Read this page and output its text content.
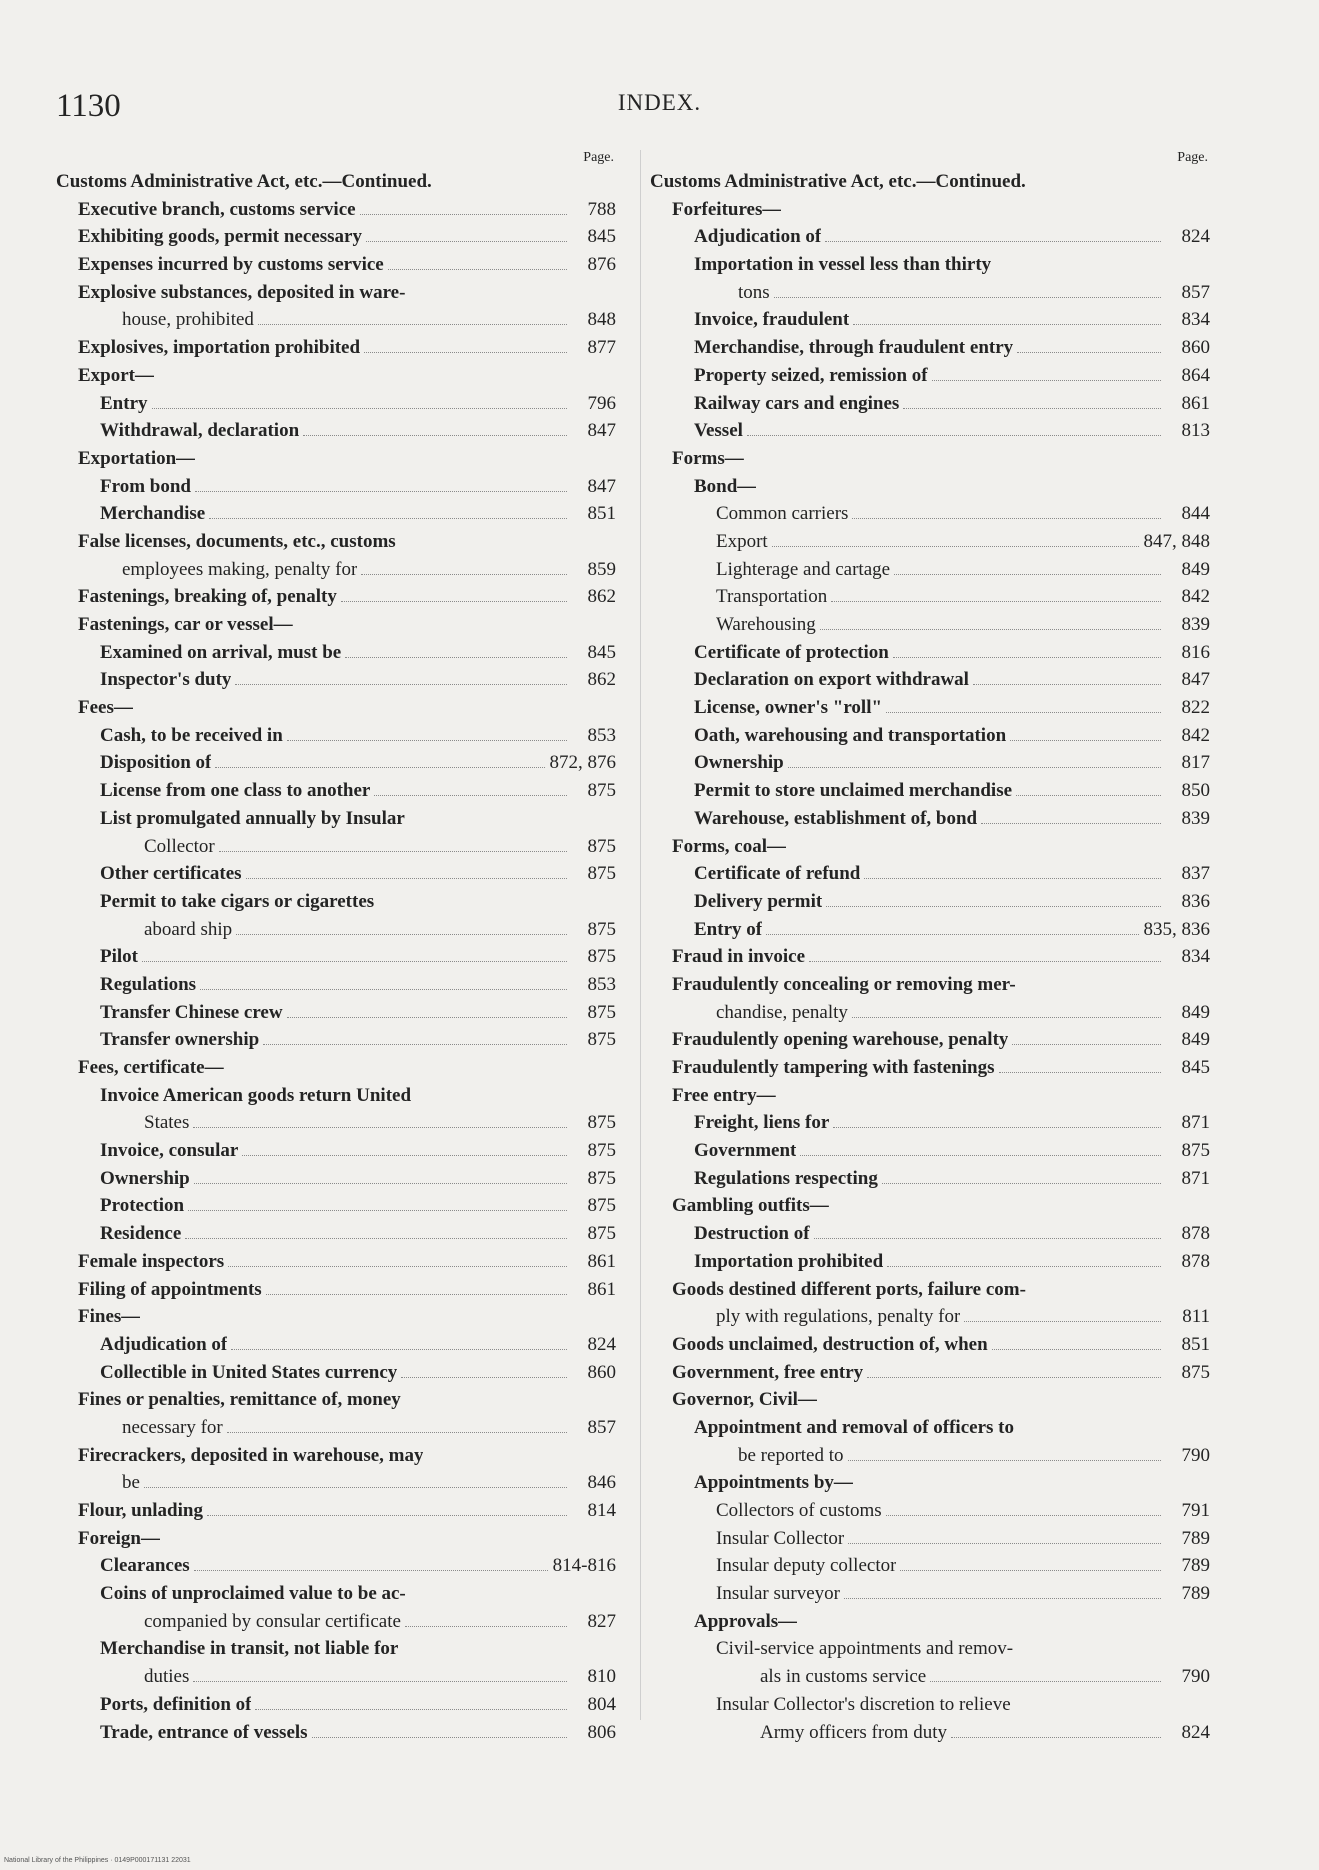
1130	INDEX.
Page.
Customs Administrative Act, etc.—Continued.
Executive branch, customs service	788
Exhibiting goods, permit necessary	845
Expenses incurred by customs service	876
Explosive substances, deposited in ware-
house, prohibited	848
Explosives, importation prohibited	877
Export—
Entry	796
Withdrawal, declaration	847
Exportation—
From bond	847
Merchandise	851
False licenses, documents, etc., customs
employees making, penalty for	859
Fastenings, breaking of, penalty	862
Fastenings, car or vessel—
Examined on arrival, must be	845
Inspector's duty	862
Fees—
Cash, to be received in	853
Disposition of	872, 876
License from one class to another	875
List promulgated annually by Insular
Collector	875
Other certificates	875
Permit to take cigars or cigarettes
aboard ship	875
Pilot	875
Regulations	853
Transfer Chinese crew	875
Transfer ownership	875
Fees, certificate—
Invoice American goods return United
States	875
Invoice, consular	875
Ownership	875
Protection	875
Residence	875
Female inspectors	861
Filing of appointments	861
Fines—
Adjudication of	824
Collectible in United States currency	860
Fines or penalties, remittance of, money
necessary for	857
Firecrackers, deposited in warehouse, may
be	846
Flour, unlading	814
Foreign—
Clearances	814-816
Coins of unproclaimed value to be ac-
companied by consular certificate	827
Merchandise in transit, not liable for
duties	810
Ports, definition of	804
Trade, entrance of vessels	806
Page.
Customs Administrative Act, etc.—Continued.
Forfeitures—
Adjudication of	824
Importation in vessel less than thirty
tons	857
Invoice, fraudulent	834
Merchandise, through fraudulent entry	860
Property seized, remission of	864
Railway cars and engines	861
Vessel	813
Forms—
Bond—
Common carriers	844
Export	847, 848
Lighterage and cartage	849
Transportation	842
Warehousing	839
Certificate of protection	816
Declaration on export withdrawal	847
License, owner's "roll"	822
Oath, warehousing and transportation	842
Ownership	817
Permit to store unclaimed merchandise	850
Warehouse, establishment of, bond	839
Forms, coal—
Certificate of refund	837
Delivery permit	836
Entry of	835, 836
Fraud in invoice	834
Fraudulently concealing or removing mer-
chandise, penalty	849
Fraudulently opening warehouse, penalty	849
Fraudulently tampering with fastenings	845
Free entry—
Freight, liens for	871
Government	875
Regulations respecting	871
Gambling outfits—
Destruction of	878
Importation prohibited	878
Goods destined different ports, failure com-
ply with regulations, penalty for	811
Goods unclaimed, destruction of, when	851
Government, free entry	875
Governor, Civil—
Appointment and removal of officers to
be reported to	790
Appointments by—
Collectors of customs	791
Insular Collector	789
Insular deputy collector	789
Insular surveyor	789
Approvals—
Civil-service appointments and remov-
als in customs service	790
Insular Collector's discretion to relieve
Army officers from duty	824
National Library of the Philippines · 0149P000171131 22031
